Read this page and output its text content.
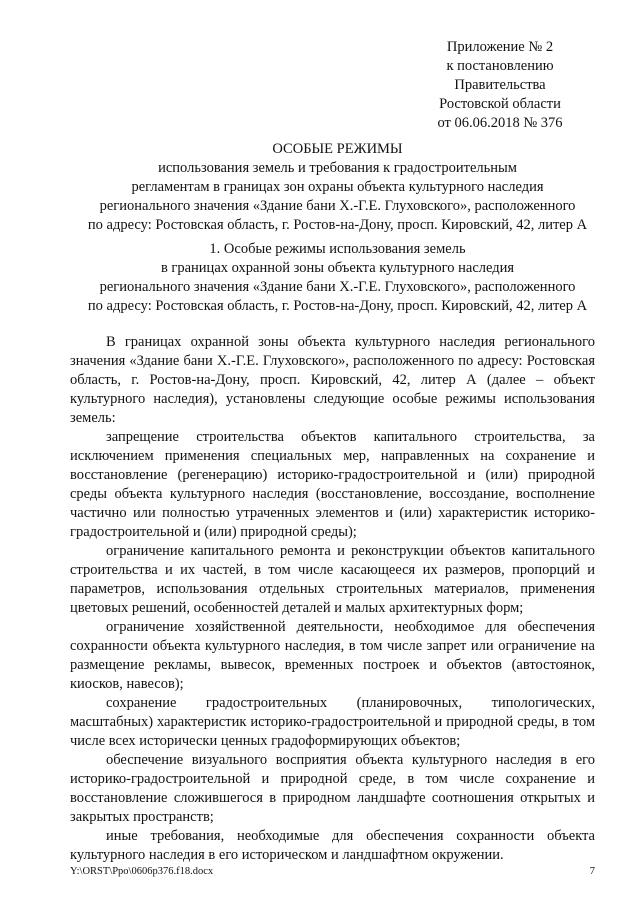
Приложение № 2
к постановлению
Правительства
Ростовской области
от 06.06.2018 № 376
ОСОБЫЕ РЕЖИМЫ
использования земель и требования к градостроительным
регламентам в границах зон охраны объекта культурного наследия
регионального значения «Здание бани Х.-Г.Е. Глуховского», расположенного
по адресу: Ростовская область, г. Ростов-на-Дону, просп. Кировский, 42, литер А
1. Особые режимы использования земель
в границах охранной зоны объекта культурного наследия
регионального значения «Здание бани Х.-Г.Е. Глуховского», расположенного
по адресу: Ростовская область, г. Ростов-на-Дону, просп. Кировский, 42, литер А

В границах охранной зоны объекта культурного наследия регионального значения «Здание бани Х.-Г.Е. Глуховского», расположенного по адресу: Ростовская область, г. Ростов-на-Дону, просп. Кировский, 42, литер А (далее – объект культурного наследия), установлены следующие особые режимы использования земель:

запрещение строительства объектов капитального строительства, за исключением применения специальных мер, направленных на сохранение и восстановление (регенерацию) историко-градостроительной и (или) природной среды объекта культурного наследия (восстановление, воссоздание, восполнение частично или полностью утраченных элементов и (или) характеристик историко-градостроительной и (или) природной среды);

ограничение капитального ремонта и реконструкции объектов капитального строительства и их частей, в том числе касающееся их размеров, пропорций и параметров, использования отдельных строительных материалов, применения цветовых решений, особенностей деталей и малых архитектурных форм;

ограничение хозяйственной деятельности, необходимое для обеспечения сохранности объекта культурного наследия, в том числе запрет или ограничение на размещение рекламы, вывесок, временных построек и объектов (автостоянок, киосков, навесов);

сохранение градостроительных (планировочных, типологических, масштабных) характеристик историко-градостроительной и природной среды, в том числе всех исторически ценных градоформирующих объектов;

обеспечение визуального восприятия объекта культурного наследия в его историко-градостроительной и природной среде, в том числе сохранение и восстановление сложившегося в природном ландшафте соотношения открытых и закрытых пространств;

иные требования, необходимые для обеспечения сохранности объекта культурного наследия в его историческом и ландшафтном окружении.

Y:\ORST\Ppo\0606p376.f18.docx	7
